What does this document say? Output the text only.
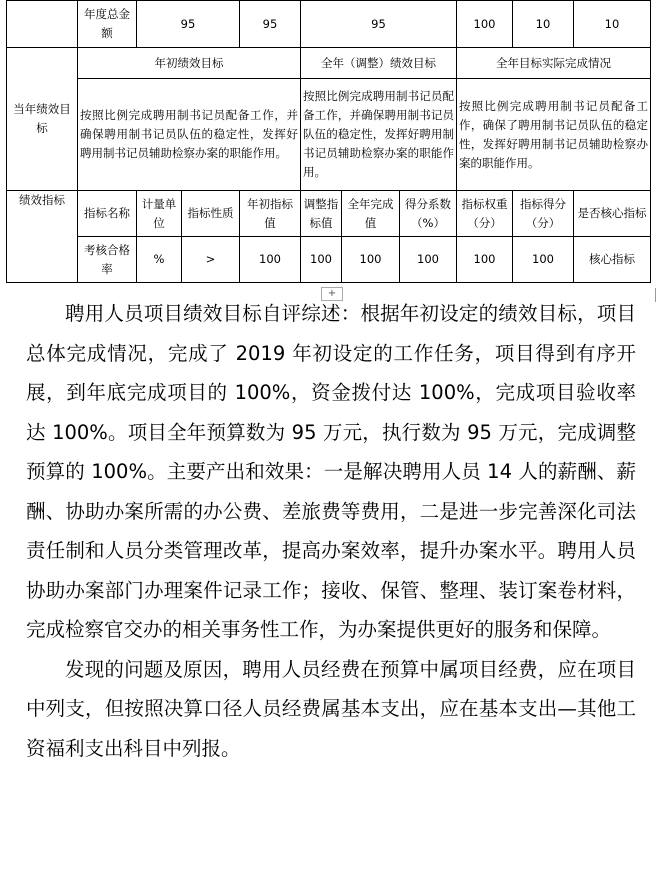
	年度总金额	95		95	95			100	10	10
当年绩效目标	年初绩效目标				全年（调整）绩效目标			全年目标实际完成情况		
	按照比例完成聘用制书记员配备工作，并确保聘用制书记员队伍的稳定性，发挥好聘用制书记员辅助检察办案的职能作用。				按照比例完成聘用制书记员配备工作，并确保聘用制书记员队伍的稳定性，发挥好聘用制书记员辅助检察办案的职能作用。			按照比例完成聘用制书记员配备工作，确保了聘用制书记员队伍的稳定性，发挥好聘用制书记员辅助检察办案的职能作用。		
绩效指标	指标名称	计量单位	指标性质	年初指标值	调整指标值	全年完成值	得分系数（%）	指标权重（分）	指标得分（分）	是否核心指标
	考核合格率	%	>	100	100	100	100	100	100	核心指标
+

聘用人员项目绩效目标自评综述：根据年初设定的绩效目标，项目总体完成情况，完成了 2019 年初设定的工作任务，项目得到有序开展，到年底完成项目的 100%，资金拨付达 100%，完成项目验收率达 100%。项目全年预算数为 95 万元，执行数为 95 万元，完成调整预算的 100%。主要产出和效果：一是解决聘用人员 14 人的薪酬、薪酬、协助办案所需的办公费、差旅费等费用，二是进一步完善深化司法责任制和人员分类管理改革，提高办案效率，提升办案水平。聘用人员协助办案部门办理案件记录工作；接收、保管、整理、装订案卷材料，完成检察官交办的相关事务性工作，为办案提供更好的服务和保障。

发现的问题及原因，聘用人员经费在预算中属项目经费，应在项目中列支，但按照决算口径人员经费属基本支出，应在基本支出—其他工资福利支出科目中列报。
